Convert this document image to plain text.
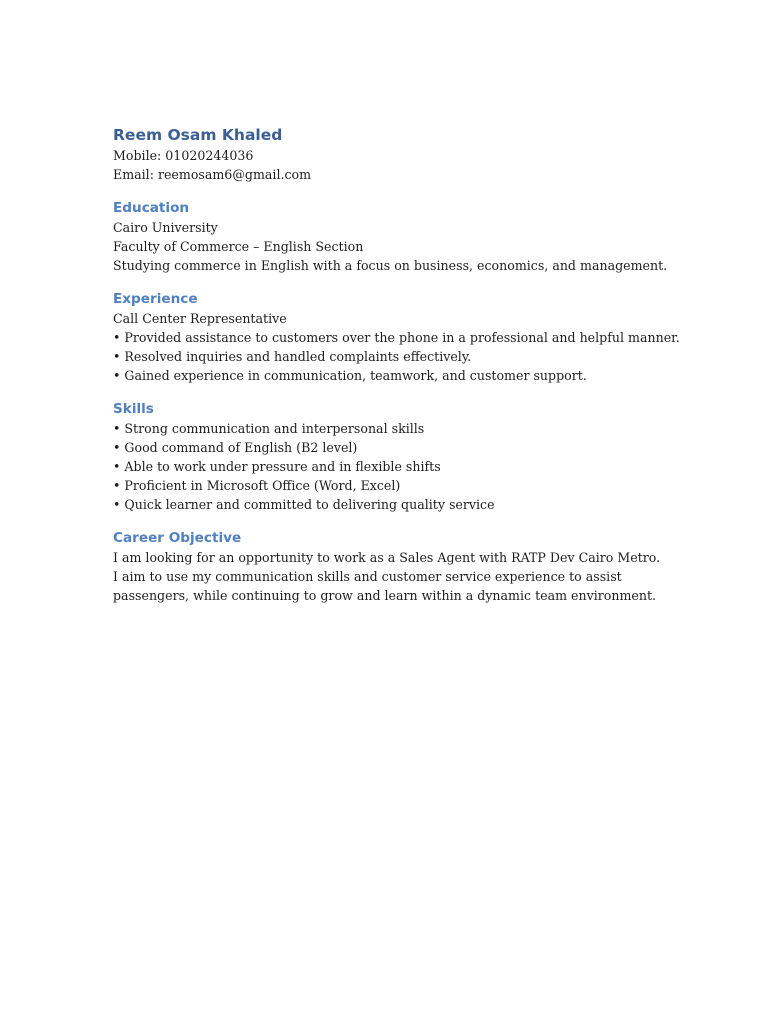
Reem Osam Khaled

Mobile: 01020244036

Email: reemosam6@gmail.com

Education

Cairo University

Faculty of Commerce – English Section

Studying commerce in English with a focus on business, economics, and management.

Experience

Call Center Representative

• Provided assistance to customers over the phone in a professional and helpful manner.
• Resolved inquiries and handled complaints effectively.
• Gained experience in communication, teamwork, and customer support.

Skills

• Strong communication and interpersonal skills
• Good command of English (B2 level)
• Able to work under pressure and in flexible shifts
• Proficient in Microsoft Office (Word, Excel)
• Quick learner and committed to delivering quality service

Career Objective

I am looking for an opportunity to work as a Sales Agent with RATP Dev Cairo Metro. I aim to use my communication skills and customer service experience to assist passengers, while continuing to grow and learn within a dynamic team environment.
